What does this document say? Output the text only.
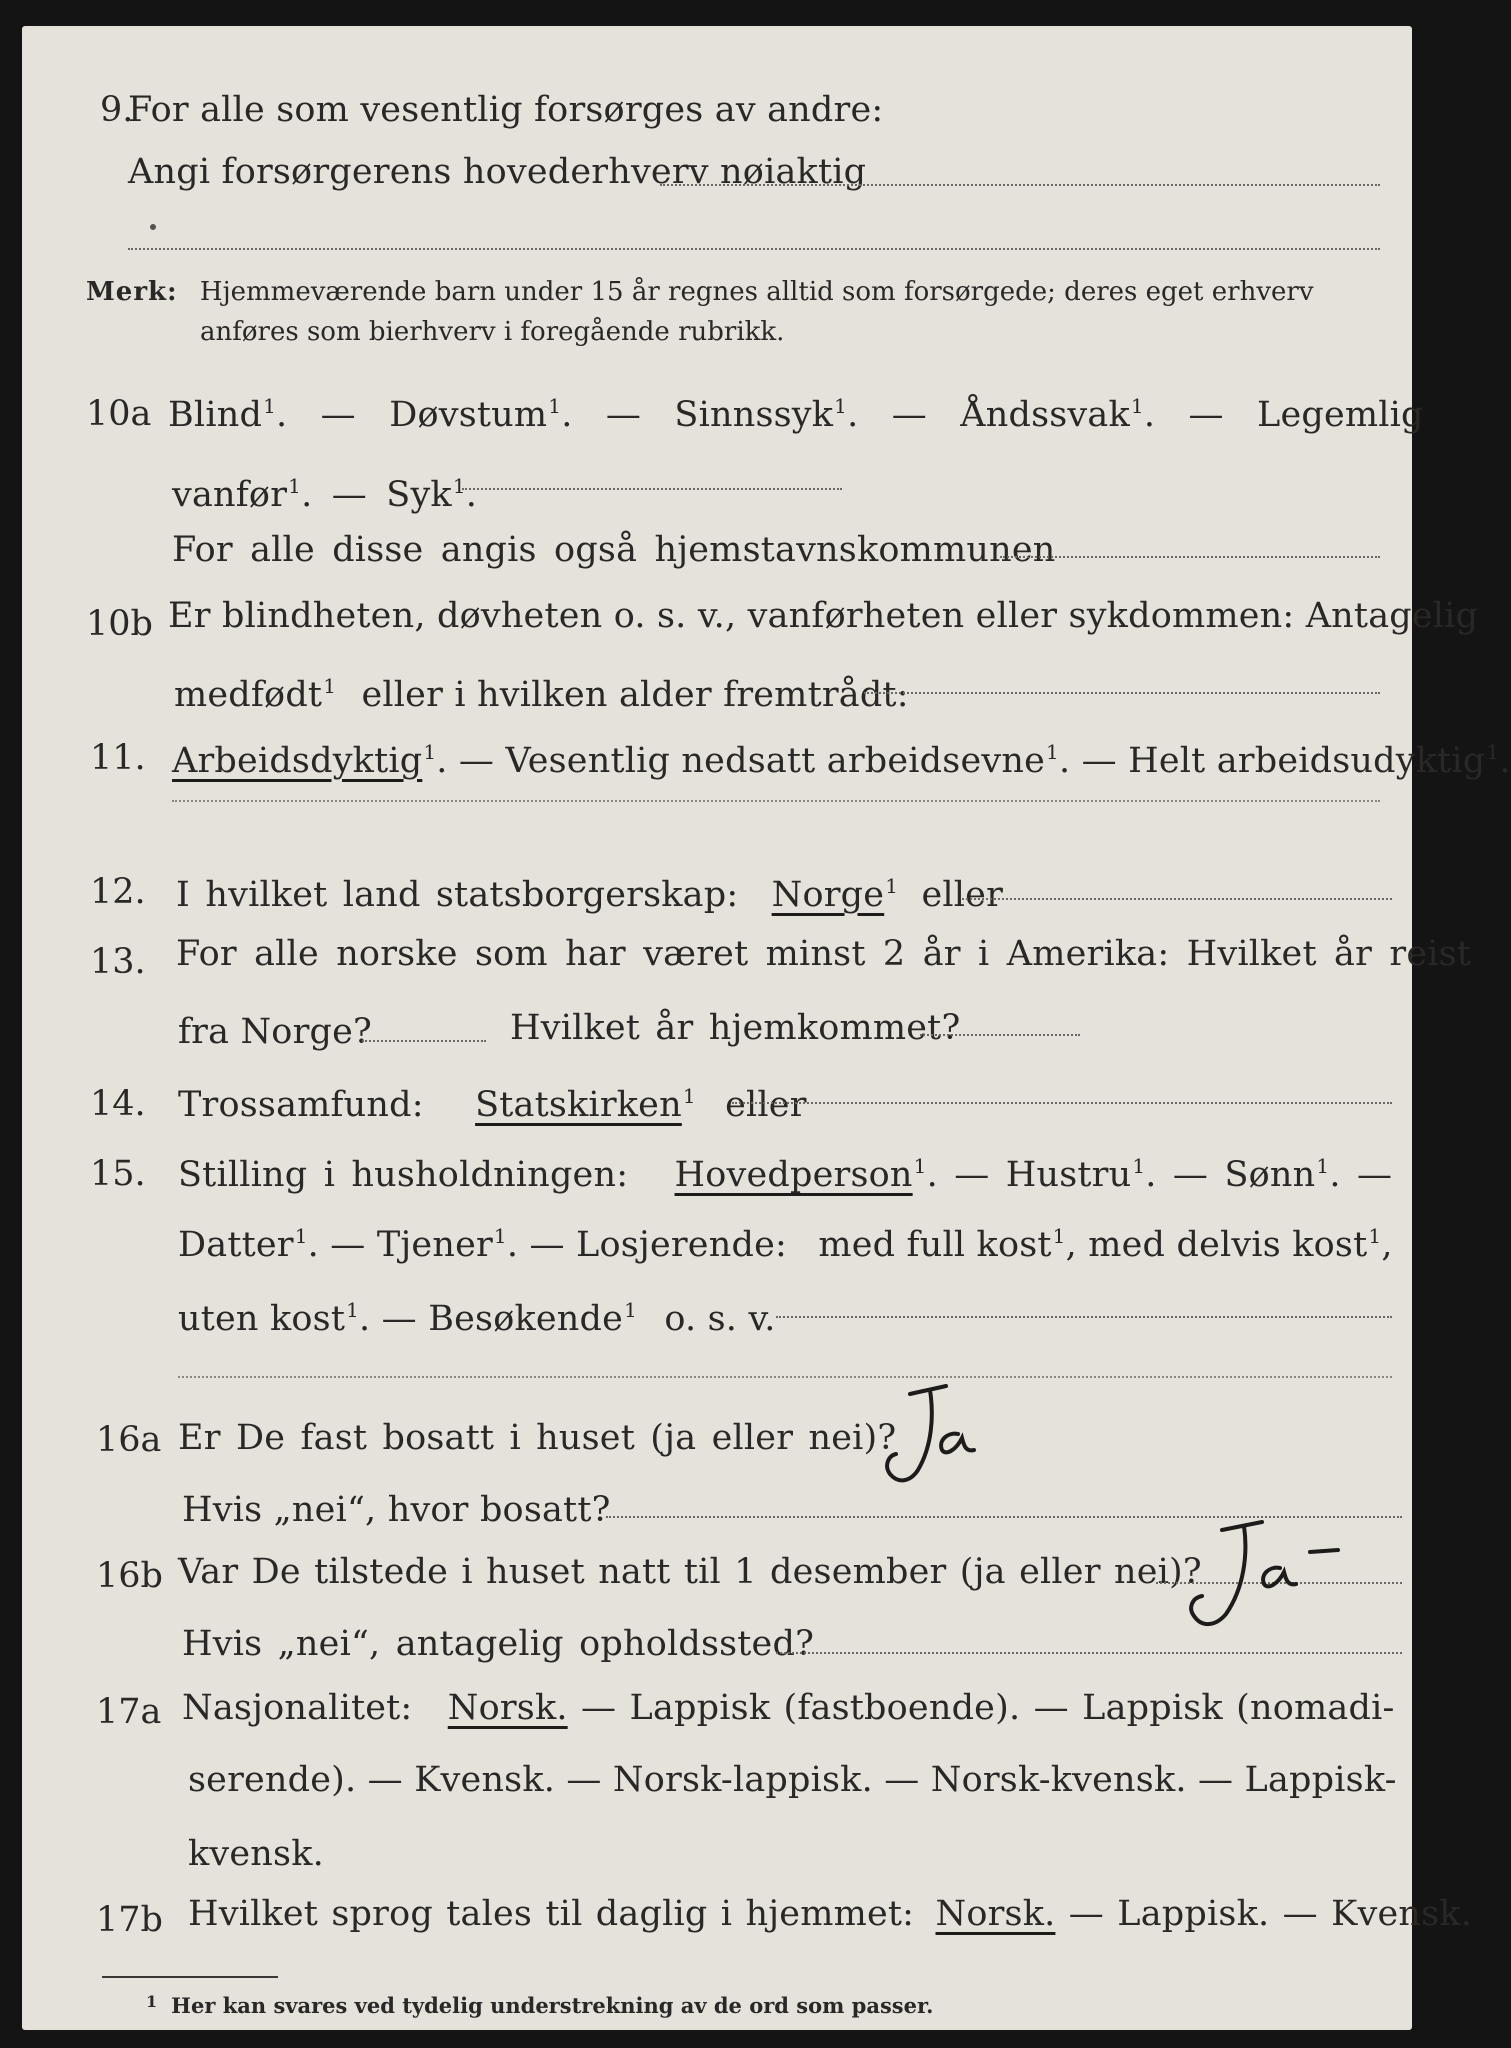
9.
For alle som vesentlig forsørges av andre:
Angi forsørgerens hovederhverv nøiaktig
Merk: Hjemmeværende barn under 15 år regnes alltid som forsørgede; deres eget erhverv
anføres som bierhverv i foregående rubrikk.
10a Blind$^1$. — Døvstum$^1$. — Sinnssyk$^1$. — Åndssvak$^1$. — Legemlig
vanfør$^1$. — Syk$^1$.
For alle disse angis også hjemstavnskommunen
10b Er blindheten, døvheten o. s. v., vanførheten eller sykdommen: Antagelig
medfødt$^1$ eller i hvilken alder fremtrådt:
11. Arbeidsdyktig$^1$. — Vesentlig nedsatt arbeidsevne$^1$. — Helt arbeidsudyktig$^1$.
12. I hvilket land statsborgerskap: Norge$^1$ eller
13. For alle norske som har været minst 2 år i Amerika: Hvilket år reist
fra Norge?	Hvilket år hjemkommet?
14. Trossamfund: Statskirken$^1$ eller
15. Stilling i husholdningen: Hovedperson$^1$. — Hustru$^1$. — Sønn$^1$. —
Datter$^1$. — Tjener$^1$. — Losjerende: med full kost$^1$, med delvis kost$^1$,
uten kost$^1$. — Besøkende$^1$ o. s. v.
16a Er De fast bosatt i huset (ja eller nei)?
Hvis „nei“, hvor bosatt?
16b Var De tilstede i huset natt til 1 desember (ja eller nei)?
Hvis „nei“, antagelig opholdssted?
17a Nasjonalitet: Norsk. — Lappisk (fastboende). — Lappisk (nomadi-
serende). — Kvensk. — Norsk-lappisk. — Norsk-kvensk. — Lappisk-
kvensk.
17b Hvilket sprog tales til daglig i hjemmet: Norsk. — Lappisk. — Kvensk.
$^1$ Her kan svares ved tydelig understrekning av de ord som passer.
